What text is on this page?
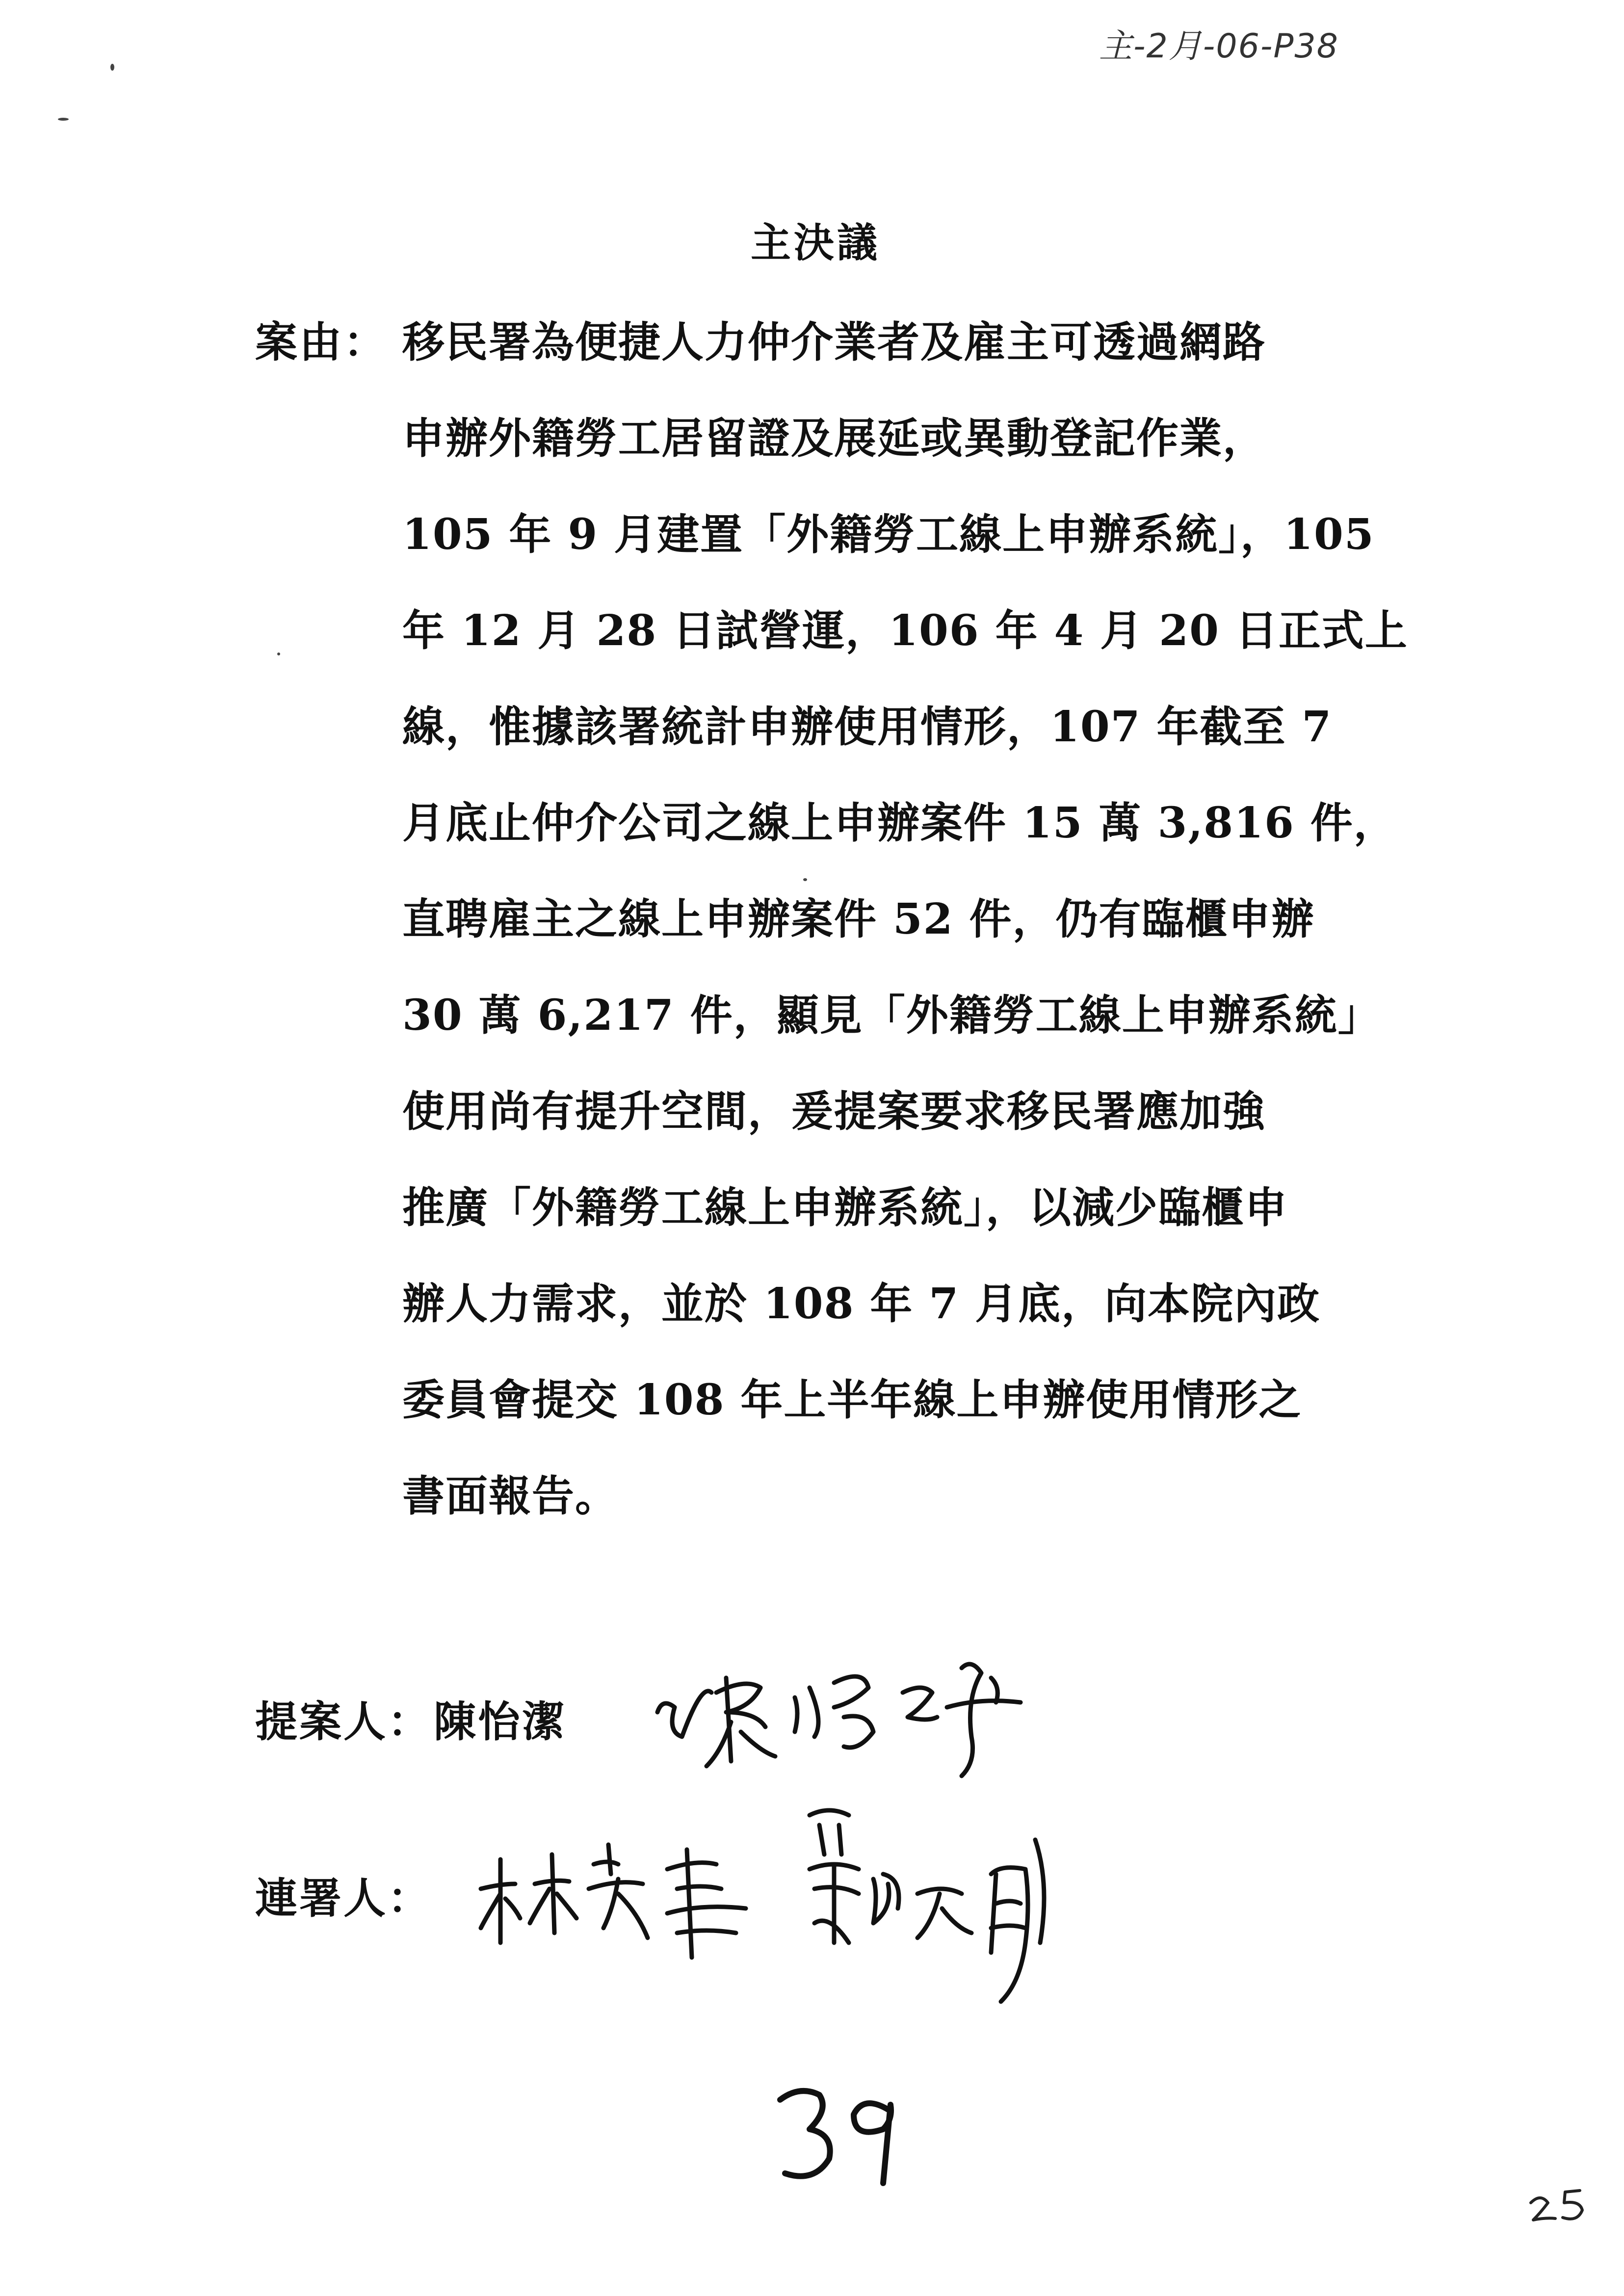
主-2月-06-P38
主決議
案由： 移民署為便捷人力仲介業者及雇主可透過網路
申辦外籍勞工居留證及展延或異動登記作業，
105 年 9 月建置「外籍勞工線上申辦系統」，105
年 12 月 28 日試營運，106 年 4 月 20 日正式上
線，惟據該署統計申辦使用情形，107 年截至 7
月底止仲介公司之線上申辦案件 15 萬 3,816 件，
直聘雇主之線上申辦案件 52 件，仍有臨櫃申辦
30 萬 6,217 件，顯見「外籍勞工線上申辦系統」
使用尚有提升空間，爰提案要求移民署應加強
推廣「外籍勞工線上申辦系統」，以減少臨櫃申
辦人力需求，並於 108 年 7 月底，向本院內政
委員會提交 108 年上半年線上申辦使用情形之
書面報告。
提案人： 陳怡潔
連署人：
